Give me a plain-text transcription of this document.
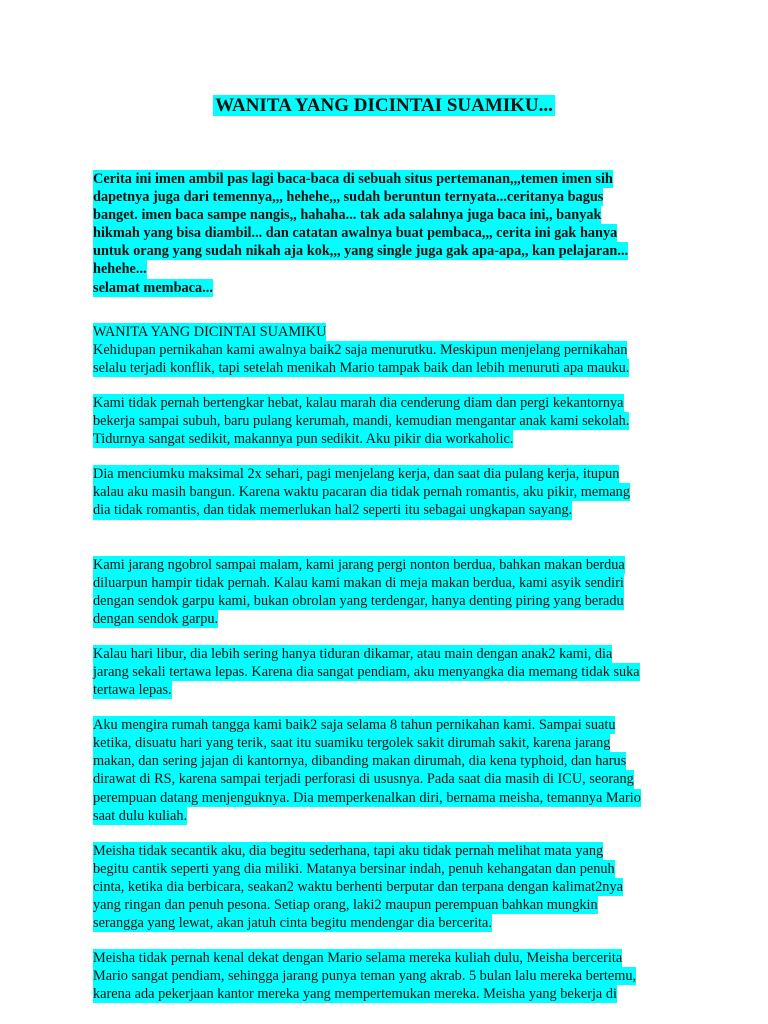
WANITA YANG DICINTAI SUAMIKU...

Cerita ini imen ambil pas lagi baca-baca di sebuah situs pertemanan,,,temen imen sih
dapetnya juga dari temennya,,, hehehe,,, sudah beruntun ternyata...ceritanya bagus
banget. imen baca sampe nangis,, hahaha... tak ada salahnya juga baca ini,, banyak
hikmah yang bisa diambil... dan catatan awalnya buat pembaca,,, cerita ini gak hanya
untuk orang yang sudah nikah aja kok,,, yang single juga gak apa-apa,, kan pelajaran...
hehehe...
selamat membaca...

WANITA YANG DICINTAI SUAMIKU
Kehidupan pernikahan kami awalnya baik2 saja menurutku. Meskipun menjelang pernikahan
selalu terjadi konflik, tapi setelah menikah Mario tampak baik dan lebih menuruti apa mauku.

Kami tidak pernah bertengkar hebat, kalau marah dia cenderung diam dan pergi kekantornya
bekerja sampai subuh, baru pulang kerumah, mandi, kemudian mengantar anak kami sekolah.
Tidurnya sangat sedikit, makannya pun sedikit. Aku pikir dia workaholic.

Dia menciumku maksimal 2x sehari, pagi menjelang kerja, dan saat dia pulang kerja, itupun
kalau aku masih bangun. Karena waktu pacaran dia tidak pernah romantis, aku pikir, memang
dia tidak romantis, dan tidak memerlukan hal2 seperti itu sebagai ungkapan sayang.

Kami jarang ngobrol sampai malam, kami jarang pergi nonton berdua, bahkan makan berdua
diluarpun hampir tidak pernah. Kalau kami makan di meja makan berdua, kami asyik sendiri
dengan sendok garpu kami, bukan obrolan yang terdengar, hanya denting piring yang beradu
dengan sendok garpu.

Kalau hari libur, dia lebih sering hanya tiduran dikamar, atau main dengan anak2 kami, dia
jarang sekali tertawa lepas. Karena dia sangat pendiam, aku menyangka dia memang tidak suka
tertawa lepas.

Aku mengira rumah tangga kami baik2 saja selama 8 tahun pernikahan kami. Sampai suatu
ketika, disuatu hari yang terik, saat itu suamiku tergolek sakit dirumah sakit, karena jarang
makan, dan sering jajan di kantornya, dibanding makan dirumah, dia kena typhoid, dan harus
dirawat di RS, karena sampai terjadi perforasi di ususnya. Pada saat dia masih di ICU, seorang
perempuan datang menjenguknya. Dia memperkenalkan diri, bernama meisha, temannya Mario
saat dulu kuliah.

Meisha tidak secantik aku, dia begitu sederhana, tapi aku tidak pernah melihat mata yang
begitu cantik seperti yang dia miliki. Matanya bersinar indah, penuh kehangatan dan penuh
cinta, ketika dia berbicara, seakan2 waktu berhenti berputar dan terpana dengan kalimat2nya
yang ringan dan penuh pesona. Setiap orang, laki2 maupun perempuan bahkan mungkin
serangga yang lewat, akan jatuh cinta begitu mendengar dia bercerita.

Meisha tidak pernah kenal dekat dengan Mario selama mereka kuliah dulu, Meisha bercerita
Mario sangat pendiam, sehingga jarang punya teman yang akrab. 5 bulan lalu mereka bertemu,
karena ada pekerjaan kantor mereka yang mempertemukan mereka. Meisha yang bekerja di
